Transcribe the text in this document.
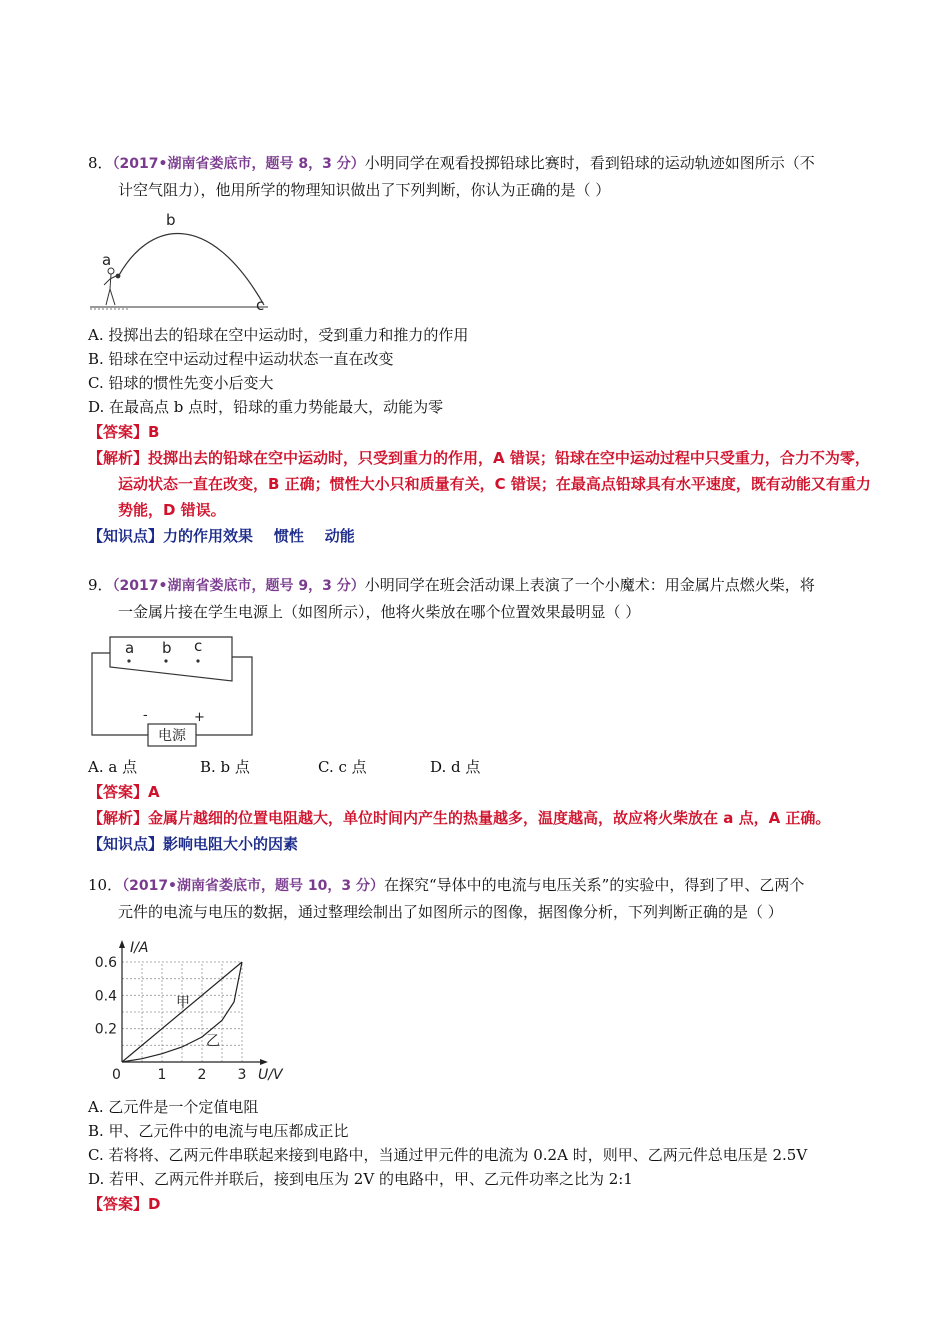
8．（2017•湖南省娄底市，题号 8，3 分）小明同学在观看投掷铅球比赛时，看到铅球的运动轨迹如图所示（不

计空气阻力），他用所学的物理知识做出了下列判断，你认为正确的是（ ）

a
b
c

A. 投掷出去的铅球在空中运动时，受到重力和推力的作用

B. 铅球在空中运动过程中运动状态一直在改变

C. 铅球的惯性先变小后变大

D. 在最高点 b 点时，铅球的重力势能最大，动能为零

【答案】B

【解析】投掷出去的铅球在空中运动时，只受到重力的作用，A 错误；铅球在空中运动过程中只受重力，合力不为零，运动状态一直在改变，B 正确；惯性大小只和质量有关，C 错误；在最高点铅球具有水平速度，既有动能又有重力势能，D 错误。

【知识点】力的作用效果    惯性    动能

9．（2017•湖南省娄底市，题号 9，3 分）小明同学在班会活动课上表演了一个小魔术：用金属片点燃火柴，将

一金属片接在学生电源上（如图所示），他将火柴放在哪个位置效果最明显（ ）

电源
-	+
a b c
A. a 点	B. b 点	C. c 点	D. d 点

【答案】A

【解析】金属片越细的位置电阻越大，单位时间内产生的热量越多，温度越高，故应将火柴放在 a 点，A 正确。

【知识点】影响电阻大小的因素

10．（2017•湖南省娄底市，题号 10，3 分）在探究“导体中的电流与电压关系”的实验中，得到了甲、乙两个

元件的电流与电压的数据，通过整理绘制出了如图所示的图像，据图像分析，下列判断正确的是（ ）

甲
乙
0	1 2 3
0.2
0.4
0.6
I/A
U/V

A. 乙元件是一个定值电阻

B. 甲、乙元件中的电流与电压都成正比

C. 若将将、乙两元件串联起来接到电路中，当通过甲元件的电流为 0.2A 时，则甲、乙两元件总电压是 2.5V

D. 若甲、乙两元件并联后，接到电压为 2V 的电路中，甲、乙元件功率之比为 2:1

【答案】D
